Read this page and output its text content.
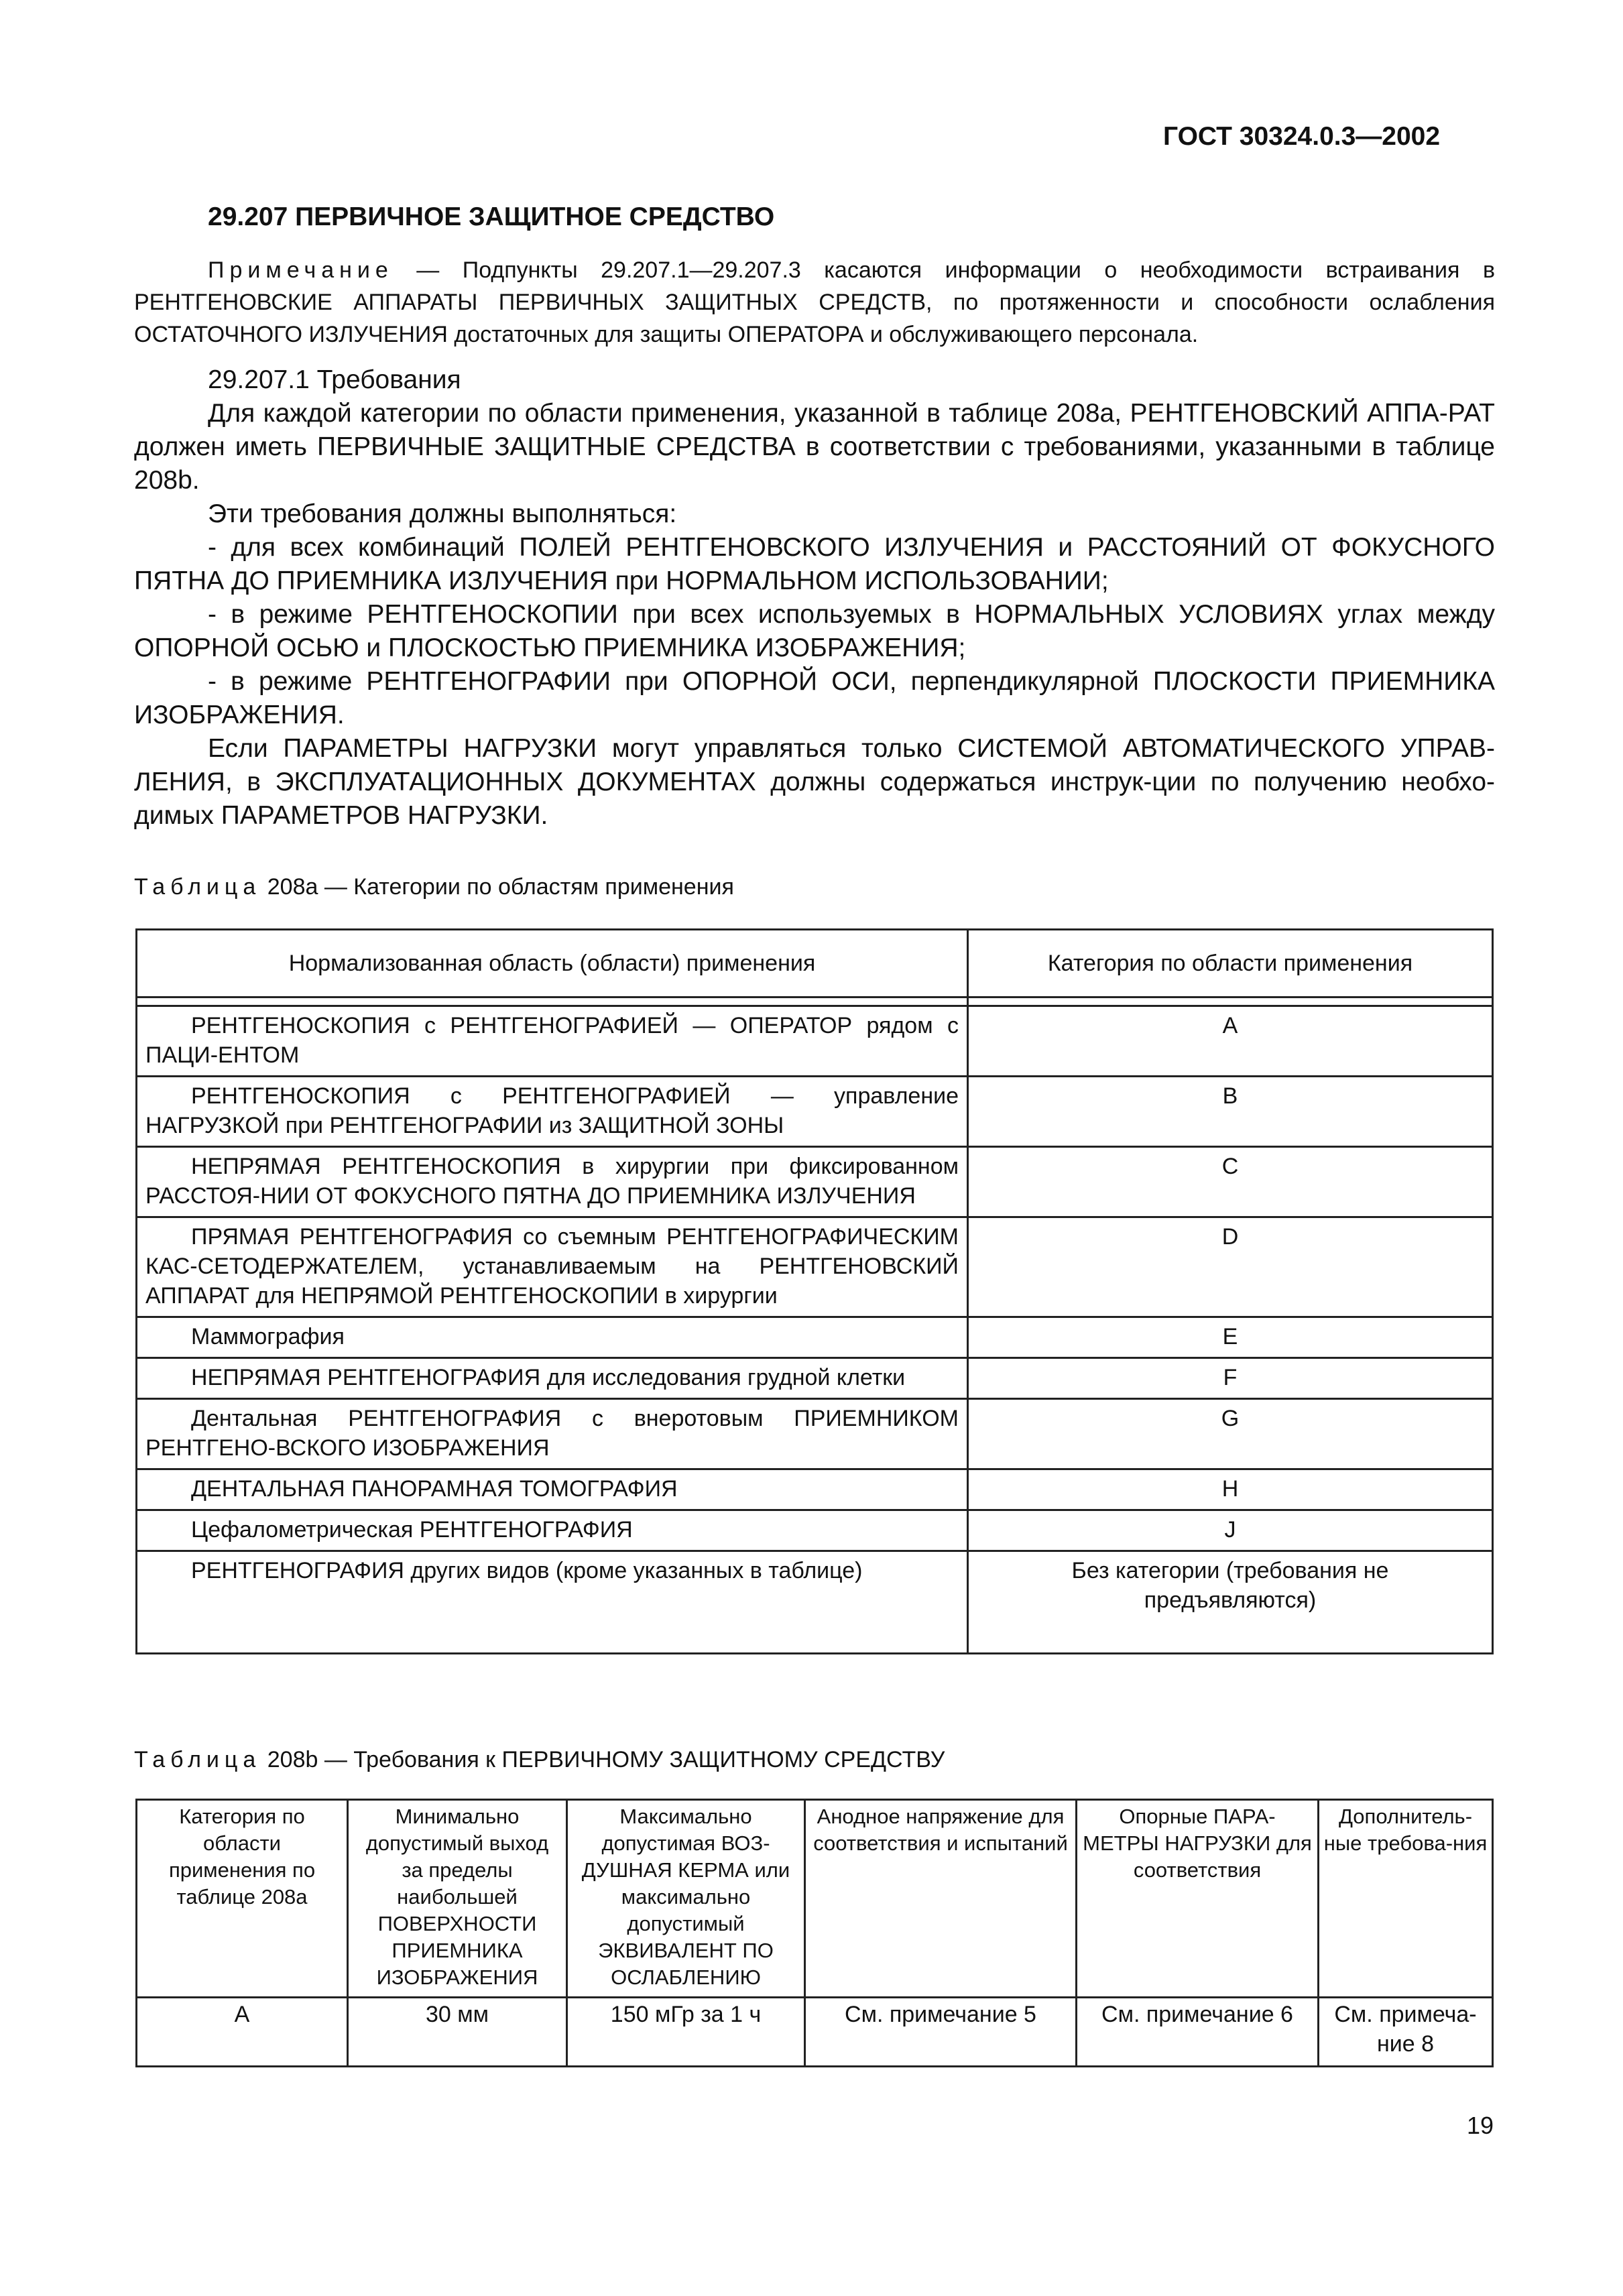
ГОСТ 30324.0.3—2002
29.207 ПЕРВИЧНОЕ ЗАЩИТНОЕ СРЕДСТВО
Примечание — Подпункты 29.207.1—29.207.3 касаются информации о необходимости встраивания в РЕНТГЕНОВСКИЕ АППАРАТЫ ПЕРВИЧНЫХ ЗАЩИТНЫХ СРЕДСТВ, по протяженности и способности ослабления ОСТАТОЧНОГО ИЗЛУЧЕНИЯ достаточных для защиты ОПЕРАТОРА и обслуживающего персонала.

29.207.1 Требования

Для каждой категории по области применения, указанной в таблице 208а, РЕНТГЕНОВСКИЙ АППА-РАТ должен иметь ПЕРВИЧНЫЕ ЗАЩИТНЫЕ СРЕДСТВА в соответствии с требованиями, указанными в таблице 208b.

Эти требования должны выполняться:

- для всех комбинаций ПОЛЕЙ РЕНТГЕНОВСКОГО ИЗЛУЧЕНИЯ и РАССТОЯНИЙ ОТ ФОКУСНОГО ПЯТНА ДО ПРИЕМНИКА ИЗЛУЧЕНИЯ при НОРМАЛЬНОМ ИСПОЛЬЗОВАНИИ;

- в режиме РЕНТГЕНОСКОПИИ при всех используемых в НОРМАЛЬНЫХ УСЛОВИЯХ углах между ОПОРНОЙ ОСЬЮ и ПЛОСКОСТЬЮ ПРИЕМНИКА ИЗОБРАЖЕНИЯ;

- в режиме РЕНТГЕНОГРАФИИ при ОПОРНОЙ ОСИ, перпендикулярной ПЛОСКОСТИ ПРИЕМНИКА ИЗОБРАЖЕНИЯ.

Если ПАРАМЕТРЫ НАГРУЗКИ могут управляться только СИСТЕМОЙ АВТОМАТИЧЕСКОГО УПРАВ-ЛЕНИЯ, в ЭКСПЛУАТАЦИОННЫХ ДОКУМЕНТАХ должны содержаться инструк-ции по получению необхо-димых ПАРАМЕТРОВ НАГРУЗКИ.

Таблица 208а — Категории по областям применения
Нормализованная область (области) применения	Категория по области применения

РЕНТГЕНОСКОПИЯ с РЕНТГЕНОГРАФИЕЙ — ОПЕРАТОР рядом с ПАЦИ-ЕНТОМ	А
РЕНТГЕНОСКОПИЯ с РЕНТГЕНОГРАФИЕЙ — управление НАГРУЗКОЙ при РЕНТГЕНОГРАФИИ из ЗАЩИТНОЙ ЗОНЫ	В
НЕПРЯМАЯ РЕНТГЕНОСКОПИЯ в хирургии при фиксированном РАССТОЯ-НИИ ОТ ФОКУСНОГО ПЯТНА ДО ПРИЕМНИКА ИЗЛУЧЕНИЯ	С
ПРЯМАЯ РЕНТГЕНОГРАФИЯ со съемным РЕНТГЕНОГРАФИЧЕСКИМ КАС-СЕТОДЕРЖАТЕЛЕМ, устанавливаемым на РЕНТГЕНОВСКИЙ АППАРАТ для НЕПРЯМОЙ РЕНТГЕНОСКОПИИ в хирургии	D
Маммография	Е
НЕПРЯМАЯ РЕНТГЕНОГРАФИЯ для исследования грудной клетки	F
Дентальная РЕНТГЕНОГРАФИЯ с внеротовым ПРИЕМНИКОМ РЕНТГЕНО-ВСКОГО ИЗОБРАЖЕНИЯ	G
ДЕНТАЛЬНАЯ ПАНОРАМНАЯ ТОМОГРАФИЯ	Н
Цефалометрическая РЕНТГЕНОГРАФИЯ	J
РЕНТГЕНОГРАФИЯ других видов (кроме указанных в таблице)	Без категории (требования не предъявляются)
Таблица 208b — Требования к ПЕРВИЧНОМУ ЗАЩИТНОМУ СРЕДСТВУ
Категория по области применения по таблице 208а	Минимально допустимый выход за пределы наибольшей ПОВЕРХНОСТИ ПРИЕМНИКА ИЗОБРАЖЕНИЯ	Максимально допустимая ВОЗ-ДУШНАЯ КЕРМА или максимально допустимый ЭКВИВАЛЕНТ ПО ОСЛАБЛЕНИЮ	Анодное напряжение для соответствия и испытаний	Опорные ПАРА-МЕТРЫ НАГРУЗКИ для соответствия	Дополнитель-ные требова-ния
А	30 мм	150 мГр за 1 ч	См. примечание 5	См. примечание 6	См. примеча-ние 8
19
